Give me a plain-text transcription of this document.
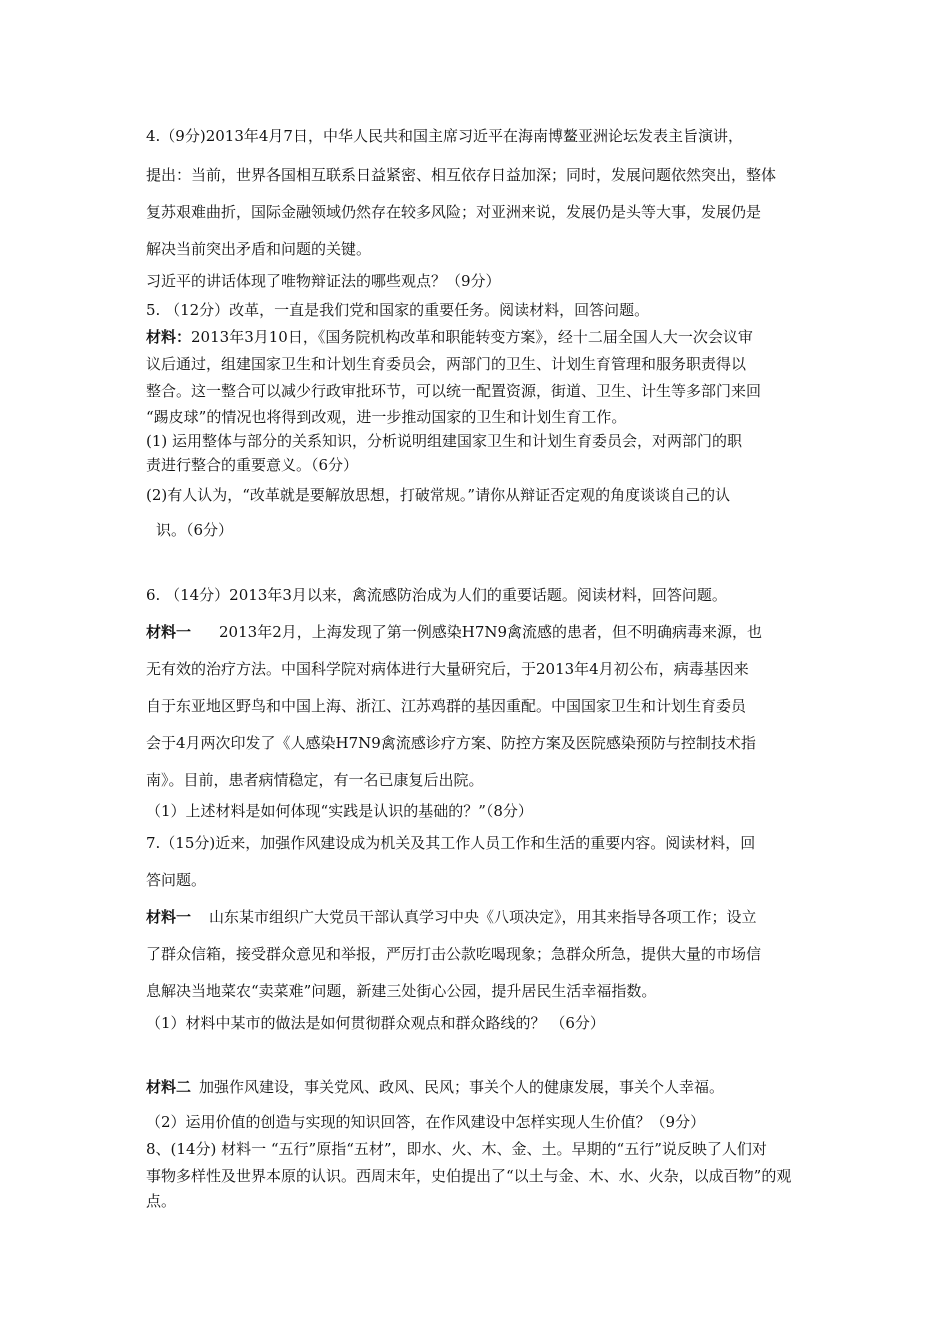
4.（9分)2013年4月7日，中华人民共和国主席习近平在海南博鳌亚洲论坛发表主旨演讲，
提出：当前，世界各国相互联系日益紧密、相互依存日益加深；同时，发展问题依然突出，整体
复苏艰难曲折，国际金融领域仍然存在较多风险；对亚洲来说，发展仍是头等大事，发展仍是
解决当前突出矛盾和问题的关键。
习近平的讲话体现了唯物辩证法的哪些观点？（9分）
5. （12分）改革，一直是我们党和国家的重要任务。阅读材料，回答问题。
材料：2013年3月10日，《国务院机构改革和职能转变方案》，经十二届全国人大一次会议审
议后通过，组建国家卫生和计划生育委员会，两部门的卫生、计划生育管理和服务职责得以
整合。这一整合可以减少行政审批环节，可以统一配置资源，街道、卫生、计生等多部门来回
“踢皮球”的情况也将得到改观，进一步推动国家的卫生和计划生育工作。
(1) 运用整体与部分的关系知识，分析说明组建国家卫生和计划生育委员会，对两部门的职
责进行整合的重要意义。（6分）
(2)有人认为，“改革就是要解放思想，打破常规。”请你从辩证否定观的角度谈谈自己的认
识。（6分）
6. （14分）2013年3月以来，禽流感防治成为人们的重要话题。阅读材料，回答问题。
材料一 2013年2月，上海发现了第一例感染H7N9禽流感的患者，但不明确病毒来源，也
无有效的治疗方法。中国科学院对病体进行大量研究后，于2013年4月初公布，病毒基因来
自于东亚地区野鸟和中国上海、浙江、江苏鸡群的基因重配。中国国家卫生和计划生育委员
会于4月两次印发了《人感染H7N9禽流感诊疗方案、防控方案及医院感染预防与控制技术指
南》。目前，患者病情稳定，有一名已康复后出院。
（1）上述材料是如何体现“实践是认识的基础的？”（8分）
7.（15分)近来，加强作风建设成为机关及其工作人员工作和生活的重要内容。阅读材料，回
答问题。
材料一 山东某市组织广大党员干部认真学习中央《八项决定》，用其来指导各项工作；设立
了群众信箱，接受群众意见和举报，严厉打击公款吃喝现象；急群众所急，提供大量的市场信
息解决当地菜农“卖菜难”问题，新建三处街心公园，提升居民生活幸福指数。
（1）材料中某市的做法是如何贯彻群众观点和群众路线的？ （6分）
材料二 加强作风建设，事关党风、政风、民风；事关个人的健康发展，事关个人幸福。
（2）运用价值的创造与实现的知识回答，在作风建设中怎样实现人生价值？（9分）
8、(14分) 材料一 “五行”原指“五材”，即水、火、木、金、土。早期的“五行”说反映了人们对
事物多样性及世界本原的认识。西周末年，史伯提出了“以土与金、木、水、火杂，以成百物”的观
点。
